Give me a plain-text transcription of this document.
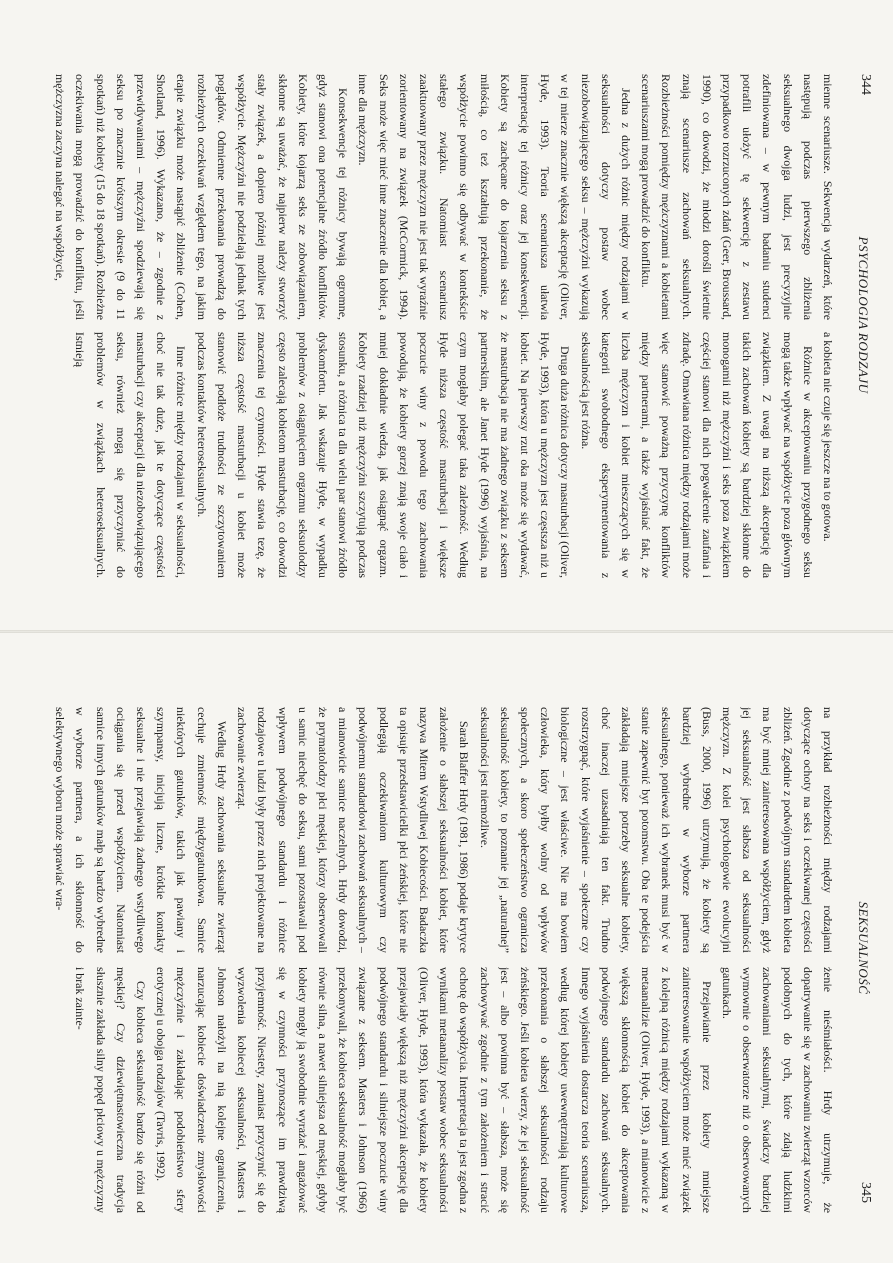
344
PSYCHOLOGIA RODZAJU

mienne scenariusze. Sekwencja wydarzeń, które następują podczas pierwszego zbliżenia seksualnego dwojga ludzi, jest precyzyjnie zdefiniowana – w pewnym badaniu studenci potrafili ułożyć tę sekwencję z zestawu przypadkowo rozrzuconych zdań (Geer, Broussard, 1990), co dowodzi, że młodzi dorośli świetnie znają scenariusze zachowań seksualnych. Rozbieżności pomiędzy mężczyznami a kobietami scenariuszami mogą prowadzić do konfliktu.

Jedna z dużych różnic między rodzajami w seksualności dotyczy postaw wobec niezobowiązującego seksu – mężczyźni wykazują w tej mierze znacznie większą akceptację (Oliver, Hyde, 1993). Teoria scenariusza ułatwia interpretację tej różnicy oraz jej konsekwencji. Kobiety są zachęcane do kojarzenia seksu z miłością, co też kształtują przekonanie, że współżycie powinno się odbywać w kontekście stałego związku. Natomiast scenariusz zaaktuowany przez mężczyzn nie jest tak wyraźnie zorientowany na związek (McCormick, 1994). Seks może więc mieć inne znaczenie dla kobiet, a inne dla mężczyzn.

Konsekwencje tej różnicy bywają ogromne, gdyż stanowi ona potencjalne źródło konfliktów. Kobiety, które kojarzą seks ze zobowiązaniem, skłonne są uważać, że najpierw należy stworzyć stały związek, a dopiero później możliwe jest współżycie. Mężczyźni nie podzielają jednak tych poglądów. Odmienne przekonania prowadzą do rozbieżnych oczekiwań względem tego, na jakim etapie związku może nastąpić zbliżenie (Cohen, Shotland, 1996). Wykazano, że – zgodnie z przewidywaniami – mężczyźni spodziewają się seksu po znacznie krótszym okresie (9 do 11 spotkań) niż kobiety (15 do 18 spotkań). Rozbieżne oczekiwania mogą prowadzić do konfliktu, jeśli mężczyzna zaczyna nalegać na współżycie,

a kobieta nie czuje się jeszcze na to gotowa.

Różnice w akceptowaniu przygodnego seksu mogą także wpływać na współżycie poza głównym związkiem. Z uwagi na niższą akceptację dla takich zachowań kobiety są bardziej skłonne do monogamii niż mężczyźni i seks poza związkiem częściej stanowi dla nich pogwałcenie zaufania i zdradę. Omawiana różnica między rodzajami może więc stanowić poważną przyczynę konfliktów między partnerami, a także wyjaśniać fakt, że liczba mężczyzn i kobiet mieszczących się w kategorii swobodnego eksperymentowania z seksualnością jest różna.

Druga duża różnica dotyczy masturbacji (Oliver, Hyde, 1993), która u mężczyzn jest częstsza niż u kobiet. Na pierwszy rzut oka może się wydawać, że masturbacja nie ma żadnego związku z seksem partnerskim, ale Janet Hyde (1996) wyjaśnia, na czym mogłaby polegać taka zależność. Według Hyde niższa częstość masturbacji i większe poczucie winy z powodu tego zachowania powodują, że kobiety gorzej znają swoje ciało i mniej dokładnie wiedzą, jak osiągnąć orgazm. Kobiety rzadziej niż mężczyźni szczytują podczas stosunku, a różnica ta dla wielu par stanowi źródło dyskomfortu. Jak wskazuje Hyde, w wypadku problemów z osiągnięciem orgazmu seksuolodzy często zalecają kobietom masturbację, co dowodzi znaczenia tej czynności. Hyde stawia tezę, że niższa częstość masturbacji u kobiet może stanowić podłoże trudności ze szczytowaniem podczas kontaktów heteroseksualnych.

Inne różnice między rodzajami w seksualności, choć nie tak duże, jak te dotyczące częstości masturbacji czy akceptacji dla niezobowiązującego seksu, również mogą się przyczyniać do problemów w związkach heteroseksualnych. Istnieją

SEKSUALNOŚĆ
345

na przykład rozbieżności między rodzajami dotyczące ochoty na seks i oczekiwanej częstości zbliżeń. Zgodnie z podwójnym standardem kobieta ma być mniej zainteresowana współżyciem, gdyż jej seksualność jest słabsza od seksualności mężczyzn. Z kolei psychologowie ewolucyjni (Buss, 2000, 1996) utrzymują, że kobiety są bardziej wybredne w wyborze partnera seksualnego, ponieważ ich wybranek musi być w stanie zapewnić byt potomstwu. Oba te podejścia zakładają mniejsze potrzeby seksualne kobiety, choć inaczej uzasadniają ten fakt. Trudno rozstrzygnąć, które wyjaśnienie – społeczne czy biologiczne – jest właściwe. Nie ma bowiem człowieka, który byłby wolny od wpływów społecznych, a skoro społeczeństwo ogranicza seksualność kobiety, to poznanie jej „naturalnej” seksualności jest niemożliwe.

Sarah Blaffer Hrdy (1981, 1986) podaje krytyce założenie o słabszej seksualności kobiet, które nazywa Mitem Wstydliwej Kobiecości. Badaczka ta opisuje przedstawicielki płci żeńskiej, które nie podlegają oczekiwaniom kulturowym czy podwójnemu standardowi zachowań seksualnych – a mianowicie samice naczelnych. Hrdy dowodzi, że prymatolodzy płci męskiej, którzy obserwowali u samic niechęć do seksu, sami pozostawali pod wpływem podwójnego standardu i różnice rodzajowe u ludzi były przez nich projektowane na zachowanie zwierząt.

Według Hrdy zachowania seksualne zwierząt cechuje zmienność międzygatunkowa. Samice niektórych gatunków, takich jak pawiany i szympansy, inicjują liczne, krótkie kontakty seksualne i nie przejawiają żadnego wstydliwego ociągania się przed współżyciem. Natomiast samice innych gatunków małp są bardzo wybredne w wyborze partnera, a ich skłonność do selektywnego wyboru może sprawiać wra-

żenie nieśmiałości. Hrdy utrzymuje, że dopatrywanie się w zachowaniu zwierząt wzorców podobnych do tych, które zdają ludzkimi zachowaniami seksualnymi, świadczy bardziej wymownie o obserwatorze niż o obserwowanych gatunkach.

Przejawianie przez kobiety mniejsze zainteresowanie współżyciem może mieć związek z kolejną różnicą między rodzajami wykazaną w metaanalizie (Oliver, Hyde, 1993), a mianowicie z większą skłonnością kobiet do akceptowania podwójnego standardu zachowań seksualnych. Innego wyjaśnienia dostarcza teoria scenariusza, według której kobiety uwewnętrzniają kulturowe przekonania o słabszej seksualności rodzaju żeńskiego. Jeśli kobieta wierzy, że jej seksualność jest – albo powinna być – słabsza, może się zachowywać zgodnie z tym założeniem i stracić ochotę do współżycia. Interpretacja ta jest zgodna z wynikami metaanalizy postaw wobec seksualności (Oliver, Hyde, 1993), która wykazała, że kobiety przejawiały większą niż mężczyźni akceptację dla podwójnego standardu i silniejsze poczucie winy związane z seksem. Masters i Johnson (1966) przekonywali, że kobieca seksualność mogłaby być równie silna, a nawet silniejsza od męskiej, gdyby kobiety mogły ją swobodnie wyrażać i angażować się w czynności przynoszące im prawdziwą przyjemność. Niestety, zamiast przyczynić się do wyzwolenia kobiecej seksualności, Masters i Johnson nałożyli na nią kolejne ograniczenia, narzucając kobiecie doświadczenie zmysłowości mężczyźnie i zakładając podobieństwo sfery erotycznej u obojga rodzajów (Tavris, 1992).

Czy kobieca seksualność bardzo się różni od męskiej? Czy dziewiętnastowieczna tradycja słusznie zakłada silny popęd płciowy u mężczyzny i brak zainte-
